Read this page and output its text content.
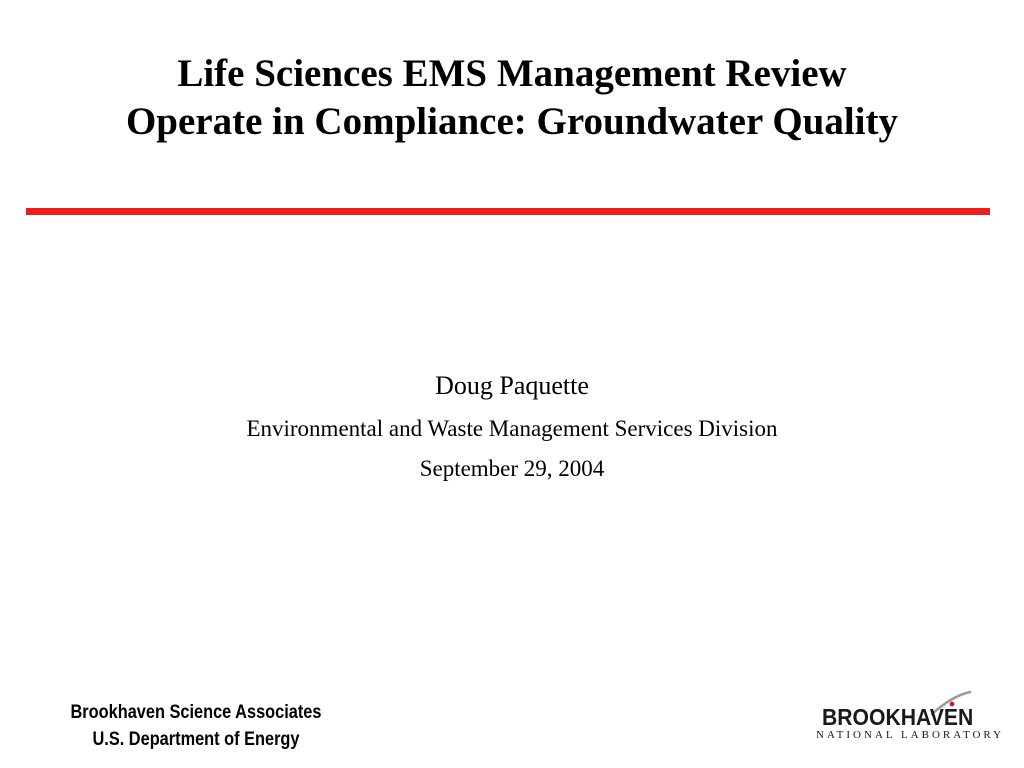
Life Sciences EMS Management Review
Operate in Compliance: Groundwater Quality
Doug Paquette
Environmental and Waste Management Services Division
September 29, 2004
Brookhaven Science Associates
U.S. Department of Energy
BROOKHAVEN
NATIONAL LABORATORY
